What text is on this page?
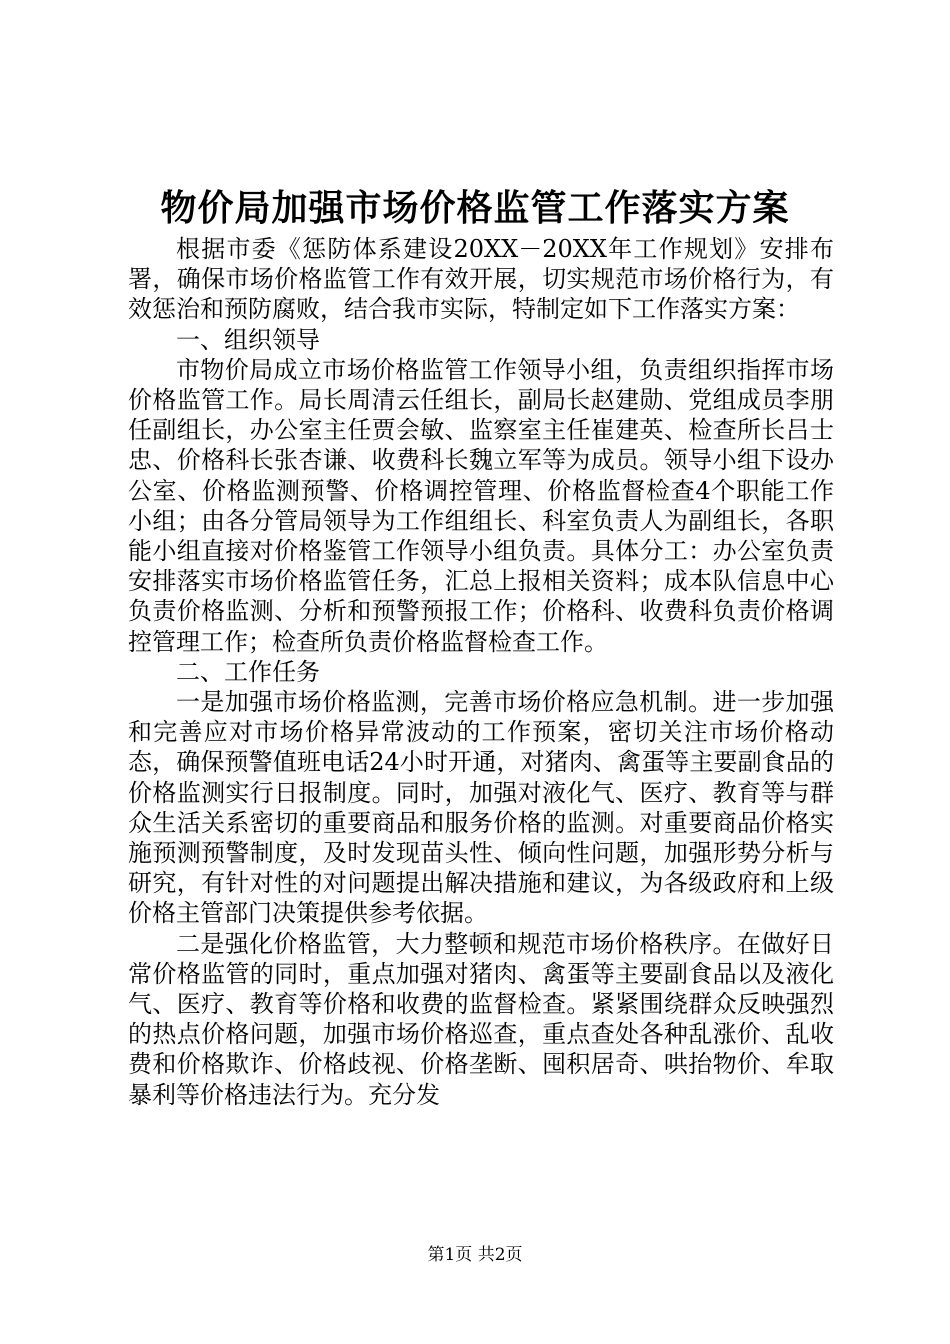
物价局加强市场价格监管工作落实方案

根据市委《惩防体系建设20XX－20XX年工作规划》安排布署，确保市场价格监管工作有效开展，切实规范市场价格行为，有效惩治和预防腐败，结合我市实际，特制定如下工作落实方案：

一、组织领导

市物价局成立市场价格监管工作领导小组，负责组织指挥市场价格监管工作。局长周清云任组长，副局长赵建勋、党组成员李朋任副组长，办公室主任贾会敏、监察室主任崔建英、检查所长吕士忠、价格科长张杏谦、收费科长魏立军等为成员。领导小组下设办公室、价格监测预警、价格调控管理、价格监督检查4个职能工作小组；由各分管局领导为工作组组长、科室负责人为副组长，各职能小组直接对价格鉴管工作领导小组负责。具体分工：办公室负责安排落实市场价格监管任务，汇总上报相关资料；成本队信息中心负责价格监测、分析和预警预报工作；价格科、收费科负责价格调控管理工作；检查所负责价格监督检查工作。

二、工作任务

一是加强市场价格监测，完善市场价格应急机制。进一步加强和完善应对市场价格异常波动的工作预案，密切关注市场价格动态，确保预警值班电话24小时开通，对猪肉、禽蛋等主要副食品的价格监测实行日报制度。同时，加强对液化气、医疗、教育等与群众生活关系密切的重要商品和服务价格的监测。对重要商品价格实施预测预警制度，及时发现苗头性、倾向性问题，加强形势分析与研究，有针对性的对问题提出解决措施和建议，为各级政府和上级价格主管部门决策提供参考依据。

二是强化价格监管，大力整顿和规范市场价格秩序。在做好日常价格监管的同时，重点加强对猪肉、禽蛋等主要副食品以及液化气、医疗、教育等价格和收费的监督检查。紧紧围绕群众反映强烈的热点价格问题，加强市场价格巡查，重点查处各种乱涨价、乱收费和价格欺诈、价格歧视、价格垄断、囤积居奇、哄抬物价、牟取暴利等价格违法行为。充分发

第1页 共2页
